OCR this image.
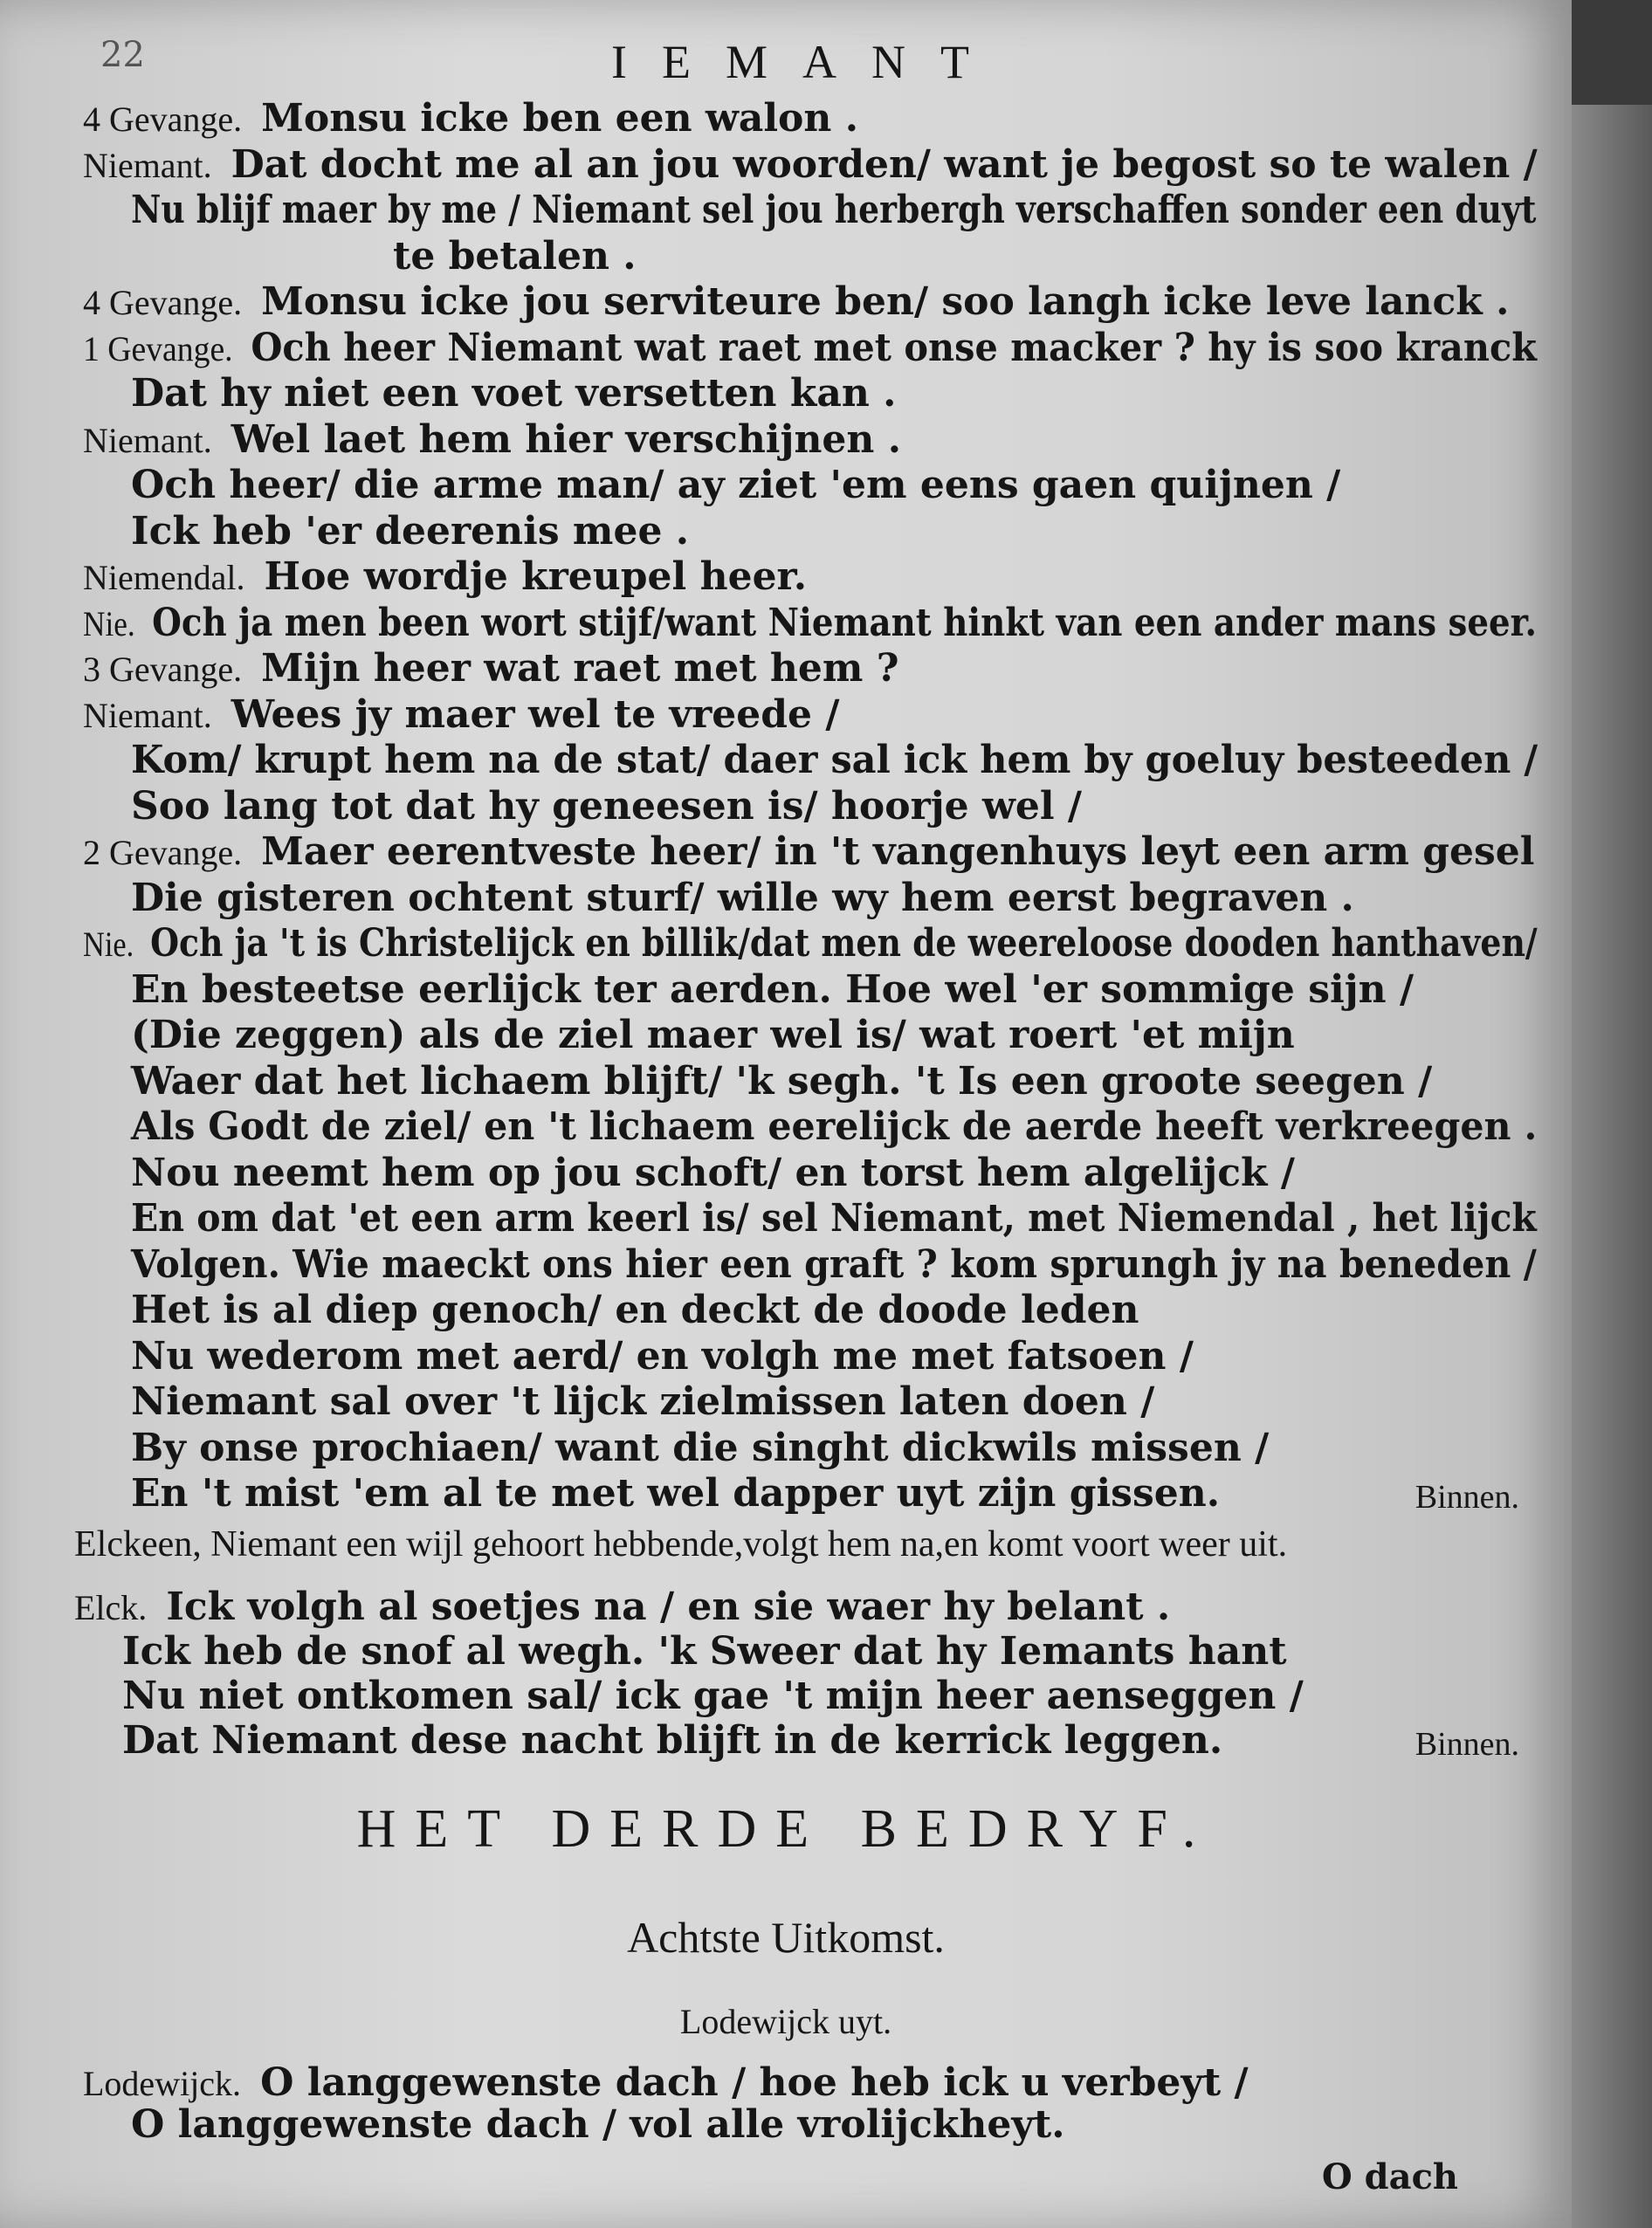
22	IEMANT
4 Gevange. Monsu icke ben een walon .
Niemant. Dat docht me al an jou woorden/ want je begost so te walen /
Nu blijf maer by me / Niemant sel jou herbergh verschaffen sonder een duyt
te betalen .
4 Gevange. Monsu icke jou serviteure ben/ soo langh icke leve lanck .
1 Gevange. Och heer Niemant wat raet met onse macker ? hy is soo kranck
Dat hy niet een voet versetten kan .
Niemant. Wel laet hem hier verschijnen .
Och heer/ die arme man/ ay ziet 'em eens gaen quijnen /
Ick heb 'er deerenis mee .
Niemendal. Hoe wordje kreupel heer.
Nie. Och ja men been wort stijf/want Niemant hinkt van een ander mans seer.
3 Gevange. Mijn heer wat raet met hem ?
Niemant. Wees jy maer wel te vreede /
Kom/ krupt hem na de stat/ daer sal ick hem by goeluy besteeden /
Soo lang tot dat hy geneesen is/ hoorje wel /
2 Gevange. Maer eerentveste heer/ in 't vangenhuys leyt een arm gesel
Die gisteren ochtent sturf/ wille wy hem eerst begraven .
Nie. Och ja 't is Christelijck en billik/dat men de weereloose dooden hanthaven/
En besteetse eerlijck ter aerden. Hoe wel 'er sommige sijn /
(Die zeggen) als de ziel maer wel is/ wat roert 'et mijn
Waer dat het lichaem blijft/ 'k segh. 't Is een groote seegen /
Als Godt de ziel/ en 't lichaem eerelijck de aerde heeft verkreegen .
Nou neemt hem op jou schoft/ en torst hem algelijck /
En om dat 'et een arm keerl is/ sel Niemant, met Niemendal , het lijck
Volgen. Wie maeckt ons hier een graft ? kom sprungh jy na beneden /
Het is al diep genoch/ en deckt de doode leden
Nu wederom met aerd/ en volgh me met fatsoen /
Niemant sal over 't lijck zielmissen laten doen /
By onse prochiaen/ want die singht dickwils missen /
En 't mist 'em al te met wel dapper uyt zijn gissen.	Binnen.
Elckeen, Niemant een wijl gehoort hebbende,volgt hem na,en komt voort weer uit.
Elck. Ick volgh al soetjes na / en sie waer hy belant .
Ick heb de snof al wegh. 'k Sweer dat hy Iemants hant
Nu niet ontkomen sal/ ick gae 't mijn heer aenseggen /
Dat Niemant dese nacht blijft in de kerrick leggen.	Binnen.
HET DERDE BEDRYF.
Achtste Uitkomst.
Lodewijck uyt.
Lodewijck. O langgewenste dach / hoe heb ick u verbeyt /
O langgewenste dach / vol alle vrolijckheyt.
O dach
